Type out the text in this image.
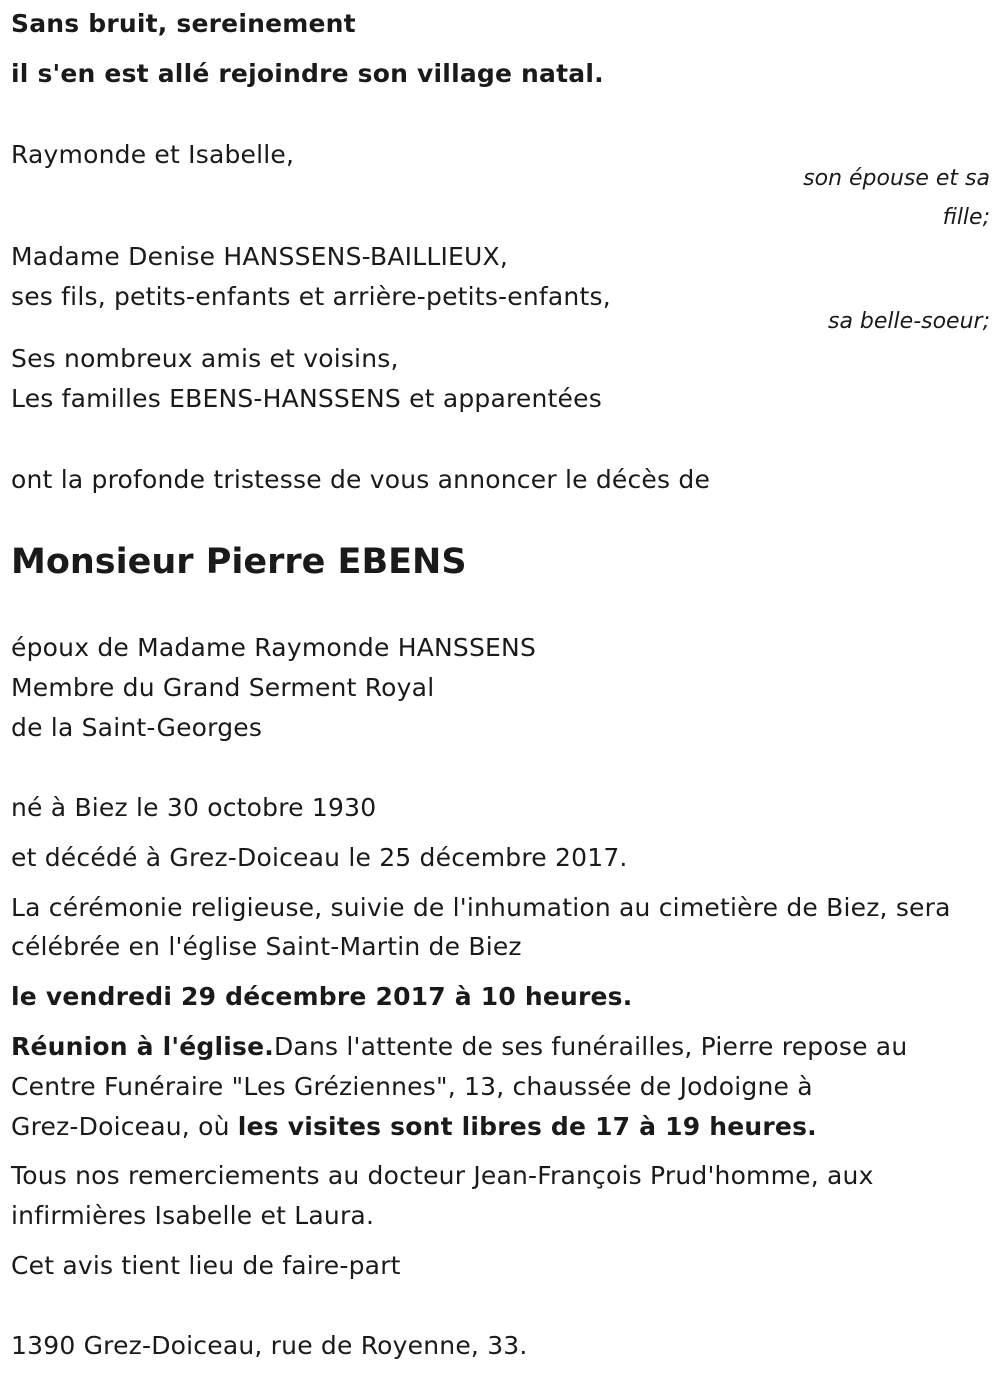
Sans bruit, sereinement
il s'en est allé rejoindre son village natal.
Raymonde et Isabelle,
son épouse et sa
fille;
Madame Denise HANSSENS-BAILLIEUX,
ses fils, petits-enfants et arrière-petits-enfants,
sa belle-soeur;
Ses nombreux amis et voisins,
Les familles EBENS-HANSSENS et apparentées
ont la profonde tristesse de vous annoncer le décès de
Monsieur Pierre EBENS
époux de Madame Raymonde HANSSENS
Membre du Grand Serment Royal
de la Saint-Georges
né à Biez le 30 octobre 1930
et décédé à Grez-Doiceau le 25 décembre 2017.
La cérémonie religieuse, suivie de l'inhumation au cimetière de Biez, sera
célébrée en l'église Saint-Martin de Biez
le vendredi 29 décembre 2017 à 10 heures.
Réunion à l'église.Dans l'attente de ses funérailles, Pierre repose au
Centre Funéraire "Les Gréziennes", 13, chaussée de Jodoigne à
Grez-Doiceau, où les visites sont libres de 17 à 19 heures.
Tous nos remerciements au docteur Jean-François Prud'homme, aux
infirmières Isabelle et Laura.
Cet avis tient lieu de faire-part
1390 Grez-Doiceau, rue de Royenne, 33.
